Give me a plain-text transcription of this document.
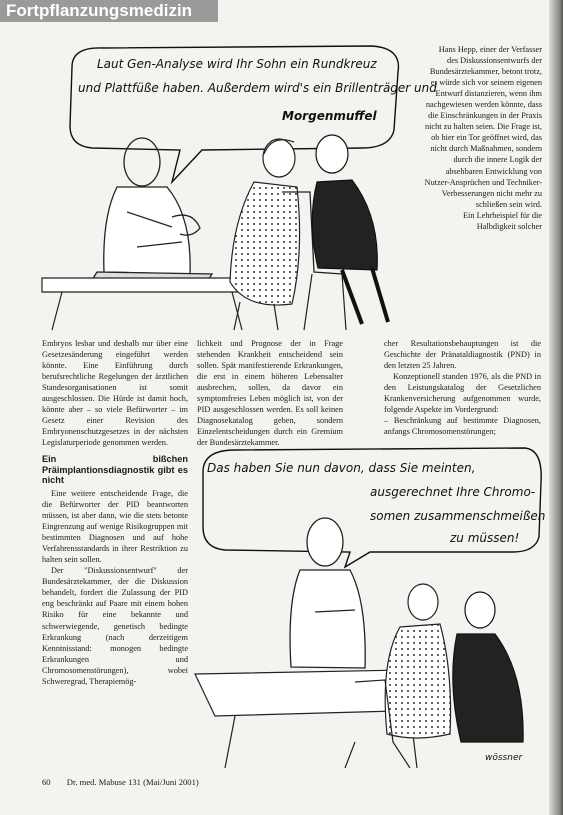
Fortpflanzungsmedizin
Laut Gen-Analyse wird Ihr Sohn ein Rundkreuz
und Plattfüße haben. Außerdem wird's ein Brillenträger und
Morgenmuffel

Hans Hepp, einer der Verfasser des Diskussionsentwurfs der Bundesärztekammer, betont trotz, er würde sich vor seinem eigenen Entwurf distanzieren, wenn ihm nachgewiesen werden könnte, dass die Einschränkungen in der Praxis nicht zu halten seien. Die Frage ist, ob hier ein Tor geöffnet wird, das nicht durch Maßnahmen, sondern durch die innere Logik der absehbaren Entwicklung von Nutzer-Ansprüchen und Techniker-Verbesserungen nicht mehr zu schließen sein wird.

Ein Lehrbeispiel für die Halbdigkeit solcher

Embryos lesbar und deshalb nur über eine Gesetzesänderung eingeführt werden könnte. Eine Einführung durch berufsrechtliche Regelungen der ärztlichen Standesorganisationen ist somit ausgeschlossen. Die Hürde ist damit hoch, könnte aber – so viele Befürworter – im Gesetz einer Revision des Embryonenschutzgesetzes in der nächsten Legislaturperiode genommen werden.

Ein bißchen Präimplantionsdiagnostik gibt es nicht

Eine weitere entscheidende Frage, die die Befürworter der PID beantworten müssen, ist aber dann, wie die stets betonte Eingrenzung auf wenige Risikogruppen mit bestimmten Diagnosen und auf hohe Verfahrensstandards in ihrer Restriktion zu halten sein sollen.

Der "Diskussionsentwurf" der Bundesärztekammer, der die Diskussion behandelt, fordert die Zulassung der PID eng beschränkt auf Paare mit einem hohen Risiko für eine bekannte und schwerwiegende, genetisch bedingte Erkrankung (nach derzeitigem Kenntnisstand: monogen bedingte Erkrankungen und Chromosomenstörungen), wobei Schweregrad, Therapiemög-

lichkeit und Prognose der in Frage stehenden Krankheit entscheidend sein sollen. Spät manifestierende Erkrankungen, die erst in einem höheren Lebensalter ausbrechen, sollen, da davor ein symptomfreies Leben möglich ist, von der PID ausgeschlossen werden. Es soll keinen Diagnosekatalog geben, sondern Einzelentscheidungen durch ein Gremium der Bundesärztekammer.

cher Resultationsbehauptungen ist die Geschichte der Pränataldiagnostik (PND) in den letzten 25 Jahren.

Konzeptionell standen 1976, als die PND in den Leistungskatalog der Gesetzlichen Krankenversicherung aufgenommen wurde, folgende Aspekte im Vordergrund:

– Beschränkung auf bestimmte Diagnosen, anfangs Chromosomenstörungen;

Das haben Sie nun davon, dass Sie meinten,
ausgerechnet Ihre Chromo-
somen zusammenschmeißen
zu müssen!
wössner
60 Dr. med. Mabuse 131 (Mai/Juni 2001)
